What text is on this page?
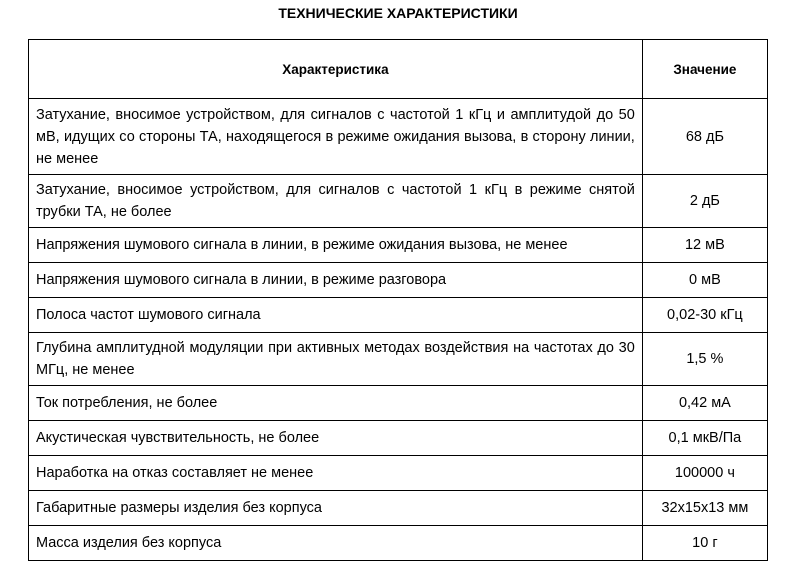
ТЕХНИЧЕСКИЕ ХАРАКТЕРИСТИКИ
Характеристика	Значение
Затухание, вносимое устройством, для сигналов с частотой 1 кГц и амплитудой до 50 мВ, идущих со стороны ТА, находящегося в режиме ожидания вызова, в сторону линии, не менее	68 дБ
Затухание, вносимое устройством, для сигналов с частотой 1 кГц в режиме снятой трубки ТА, не более	2 дБ
Напряжения шумового сигнала в линии, в режиме ожидания вызова, не менее	12 мВ
Напряжения шумового сигнала в линии, в режиме разговора	0 мВ
Полоса частот шумового сигнала	0,02-30 кГц
Глубина амплитудной модуляции при активных методах воздействия на частотах до 30 МГц, не менее	1,5 %
Ток потребления, не более	0,42 мА
Акустическая чувствительность, не более	0,1 мкВ/Па
Наработка на отказ составляет не менее	100000 ч
Габаритные размеры изделия без корпуса	32х15х13 мм
Масса изделия без корпуса	10 г
